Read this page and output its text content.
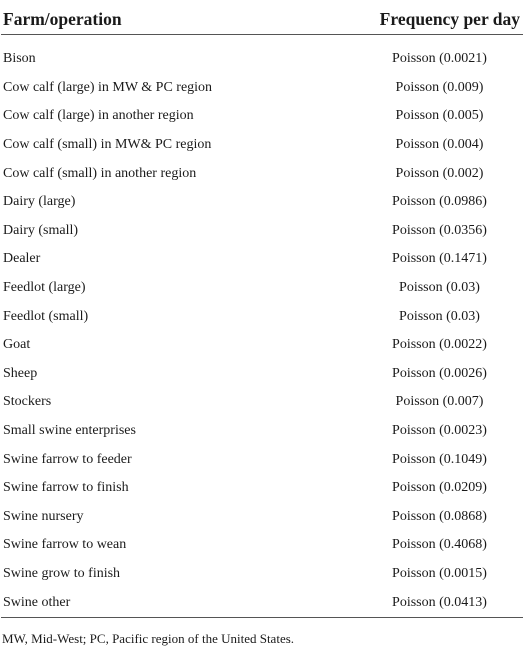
Farm/operation	Frequency per day

Bison	Poisson (0.0021)
Cow calf (large) in MW & PC region	Poisson (0.009)
Cow calf (large) in another region	Poisson (0.005)
Cow calf (small) in MW& PC region	Poisson (0.004)
Cow calf (small) in another region	Poisson (0.002)
Dairy (large)	Poisson (0.0986)
Dairy (small)	Poisson (0.0356)
Dealer	Poisson (0.1471)
Feedlot (large)	Poisson (0.03)
Feedlot (small)	Poisson (0.03)
Goat	Poisson (0.0022)
Sheep	Poisson (0.0026)
Stockers	Poisson (0.007)
Small swine enterprises	Poisson (0.0023)
Swine farrow to feeder	Poisson (0.1049)
Swine farrow to finish	Poisson (0.0209)
Swine nursery	Poisson (0.0868)
Swine farrow to wean	Poisson (0.4068)
Swine grow to finish	Poisson (0.0015)
Swine other	Poisson (0.0413)
MW, Mid-West; PC, Pacific region of the United States.
